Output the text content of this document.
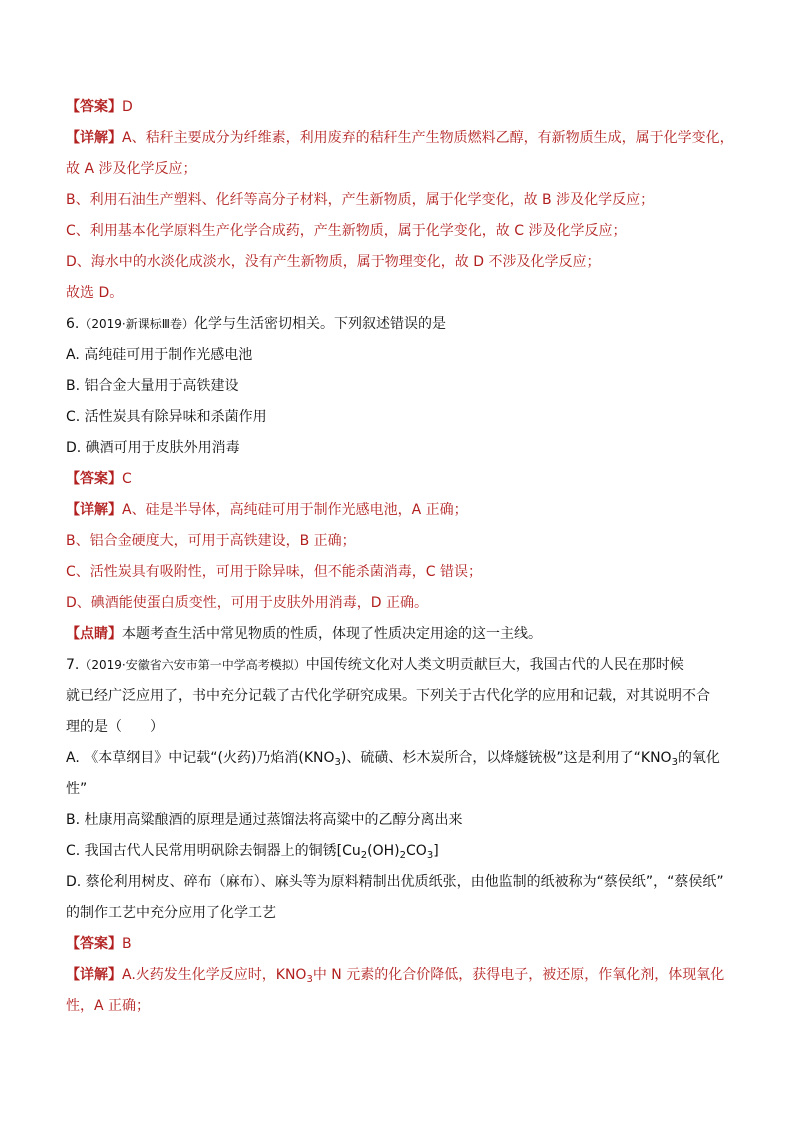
【答案】D
【详解】A、秸秆主要成分为纤维素，利用废弃的秸秆生产生物质燃料乙醇，有新物质生成，属于化学变化，
故 A 涉及化学反应；
B、利用石油生产塑料、化纤等高分子材料，产生新物质，属于化学变化，故 B 涉及化学反应；
C、利用基本化学原料生产化学合成药，产生新物质，属于化学变化，故 C 涉及化学反应；
D、海水中的水淡化成淡水，没有产生新物质，属于物理变化，故 D 不涉及化学反应；
故选 D。
6.（2019·新课标Ⅲ卷）化学与生活密切相关。下列叙述错误的是
A. 高纯硅可用于制作光感电池
B. 铝合金大量用于高铁建设
C. 活性炭具有除异味和杀菌作用
D. 碘酒可用于皮肤外用消毒
【答案】C
【详解】A、硅是半导体，高纯硅可用于制作光感电池，A 正确；
B、铝合金硬度大，可用于高铁建设，B 正确；
C、活性炭具有吸附性，可用于除异味，但不能杀菌消毒，C 错误；
D、碘酒能使蛋白质变性，可用于皮肤外用消毒，D 正确。
【点睛】本题考查生活中常见物质的性质，体现了性质决定用途的这一主线。
7.（2019·安徽省六安市第一中学高考模拟）中国传统文化对人类文明贡献巨大，我国古代的人民在那时候
就已经广泛应用了，书中充分记载了古代化学研究成果。下列关于古代化学的应用和记载，对其说明不合
理的是（　　）
A. 《本草纲目》中记载“(火药)乃焰消$(KNO_3)$、硫磺、杉木炭所合，以烽燧铳极”这是利用了“$KNO_3$的氧化
性”
B. 杜康用高粱酿酒的原理是通过蒸馏法将高粱中的乙醇分离出来
C. 我国古代人民常用明矾除去铜器上的铜锈$[Cu_2(OH)_2CO_3]$
D. 蔡伦利用树皮、碎布（麻布）、麻头等为原料精制出优质纸张，由他监制的纸被称为“蔡侯纸”，“蔡侯纸”
的制作工艺中充分应用了化学工艺
【答案】B
【详解】A.火药发生化学反应时，$KNO_3$中 N 元素的化合价降低，获得电子，被还原，作氧化剂，体现氧化
性，A 正确；
